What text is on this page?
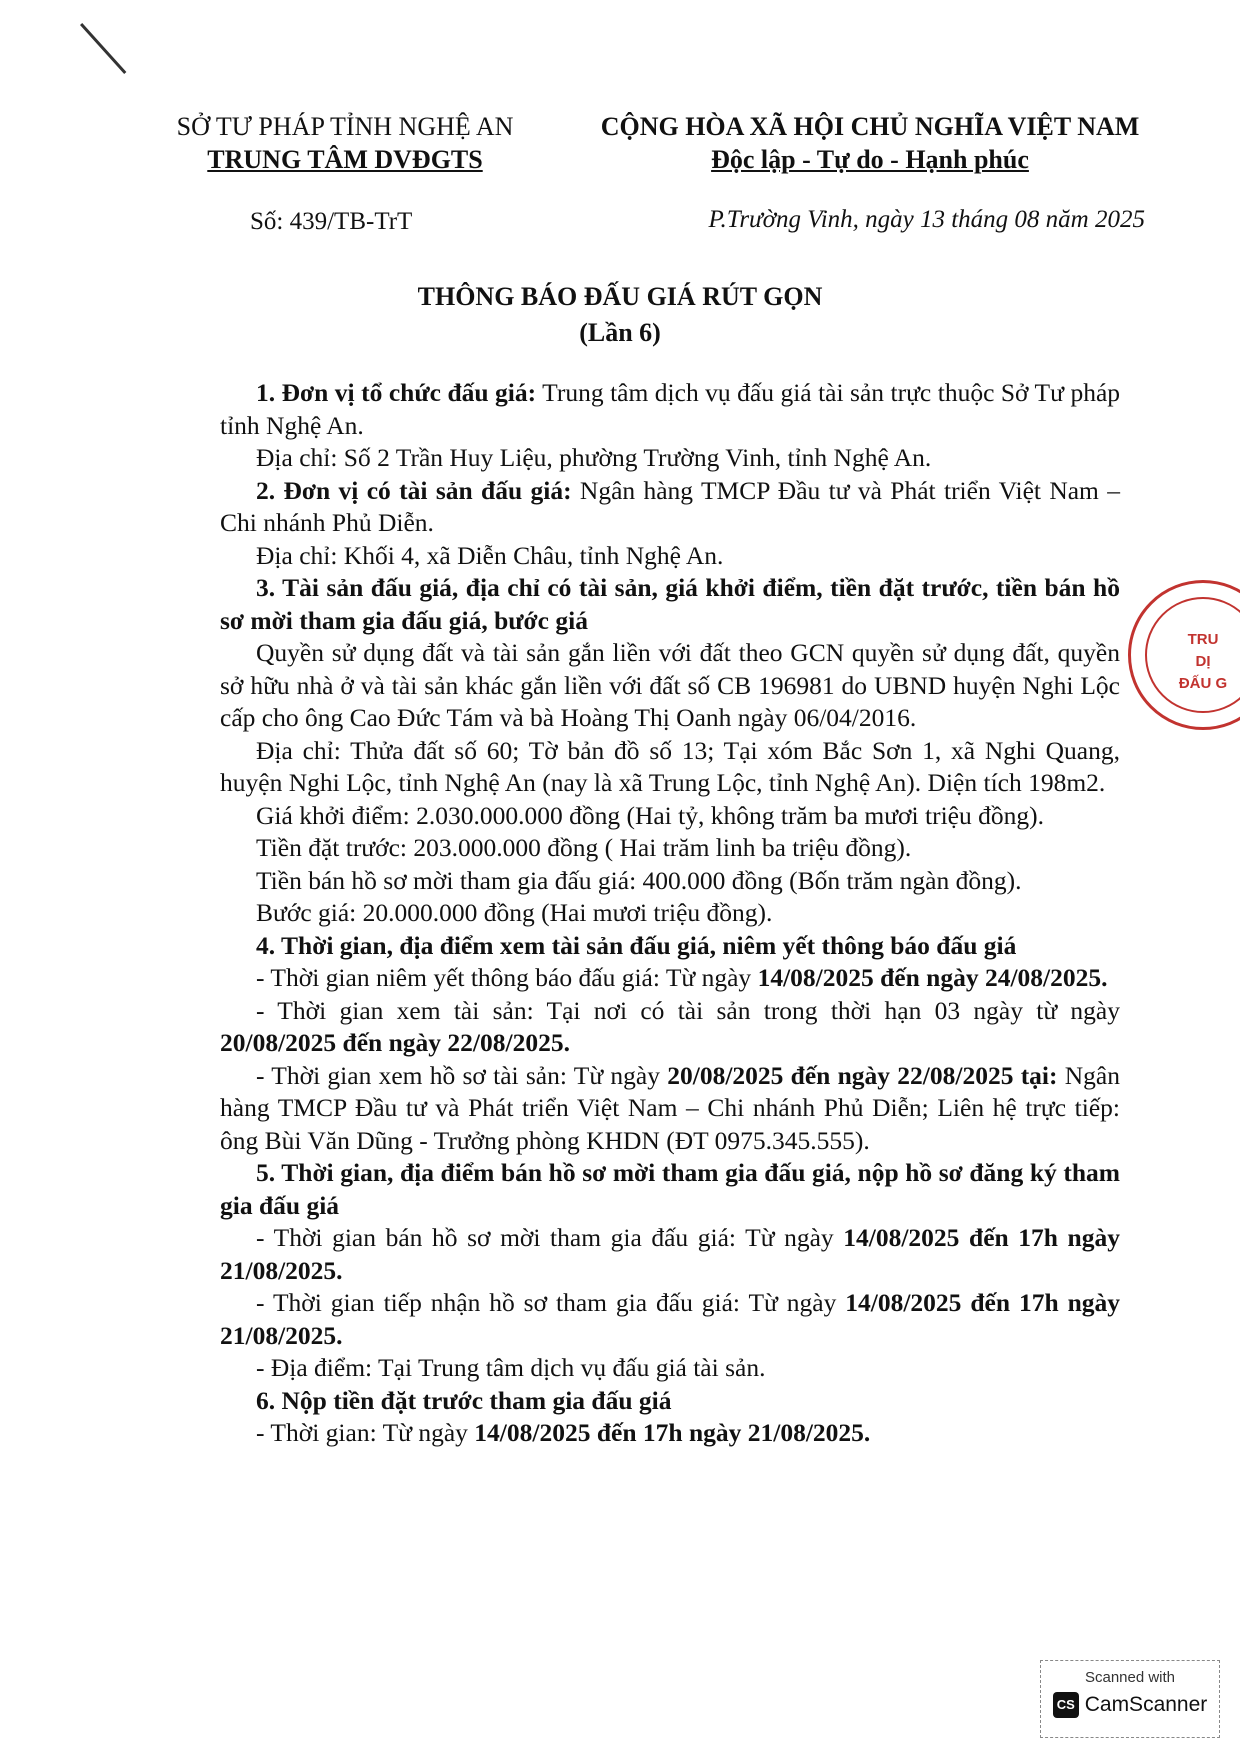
SỞ TƯ PHÁP TỈNH NGHỆ AN
TRUNG TÂM DVĐGTS
CỘNG HÒA XÃ HỘI CHỦ NGHĨA VIỆT NAM
Độc lập - Tự do - Hạnh phúc
Số: 439/TB-TrT	P.Trường Vinh, ngày 13 tháng 08 năm 2025
THÔNG BÁO ĐẤU GIÁ RÚT GỌN
(Lần 6)

1. Đơn vị tổ chức đấu giá: Trung tâm dịch vụ đấu giá tài sản trực thuộc Sở Tư pháp tỉnh Nghệ An.

Địa chỉ: Số 2 Trần Huy Liệu, phường Trường Vinh, tỉnh Nghệ An.

2. Đơn vị có tài sản đấu giá: Ngân hàng TMCP Đầu tư và Phát triển Việt Nam – Chi nhánh Phủ Diễn.

Địa chỉ: Khối 4, xã Diễn Châu, tỉnh Nghệ An.

3. Tài sản đấu giá, địa chỉ có tài sản, giá khởi điểm, tiền đặt trước, tiền bán hồ sơ mời tham gia đấu giá, bước giá

Quyền sử dụng đất và tài sản gắn liền với đất theo GCN quyền sử dụng đất, quyền sở hữu nhà ở và tài sản khác gắn liền với đất số CB 196981 do UBND huyện Nghi Lộc cấp cho ông Cao Đức Tám và bà Hoàng Thị Oanh ngày 06/04/2016.

Địa chỉ: Thửa đất số 60; Tờ bản đồ số 13; Tại xóm Bắc Sơn 1, xã Nghi Quang, huyện Nghi Lộc, tỉnh Nghệ An (nay là xã Trung Lộc, tỉnh Nghệ An). Diện tích 198m2.

Giá khởi điểm: 2.030.000.000 đồng (Hai tỷ, không trăm ba mươi triệu đồng).

Tiền đặt trước: 203.000.000 đồng ( Hai trăm linh ba triệu đồng).

Tiền bán hồ sơ mời tham gia đấu giá: 400.000 đồng (Bốn trăm ngàn đồng).

Bước giá: 20.000.000 đồng (Hai mươi triệu đồng).

4. Thời gian, địa điểm xem tài sản đấu giá, niêm yết thông báo đấu giá

- Thời gian niêm yết thông báo đấu giá: Từ ngày 14/08/2025 đến ngày 24/08/2025.

- Thời gian xem tài sản: Tại nơi có tài sản trong thời hạn 03 ngày từ ngày 20/08/2025 đến ngày 22/08/2025.

- Thời gian xem hồ sơ tài sản: Từ ngày 20/08/2025 đến ngày 22/08/2025 tại: Ngân hàng TMCP Đầu tư và Phát triển Việt Nam – Chi nhánh Phủ Diễn; Liên hệ trực tiếp: ông Bùi Văn Dũng - Trưởng phòng KHDN (ĐT 0975.345.555).

5. Thời gian, địa điểm bán hồ sơ mời tham gia đấu giá, nộp hồ sơ đăng ký tham gia đấu giá

- Thời gian bán hồ sơ mời tham gia đấu giá: Từ ngày 14/08/2025 đến 17h ngày 21/08/2025.

- Thời gian tiếp nhận hồ sơ tham gia đấu giá: Từ ngày 14/08/2025 đến 17h ngày 21/08/2025.

- Địa điểm: Tại Trung tâm dịch vụ đấu giá tài sản.

6. Nộp tiền đặt trước tham gia đấu giá

- Thời gian: Từ ngày 14/08/2025 đến 17h ngày 21/08/2025.

TRU
DỊ
ĐẤU G
Scanned with
CS CamScanner
